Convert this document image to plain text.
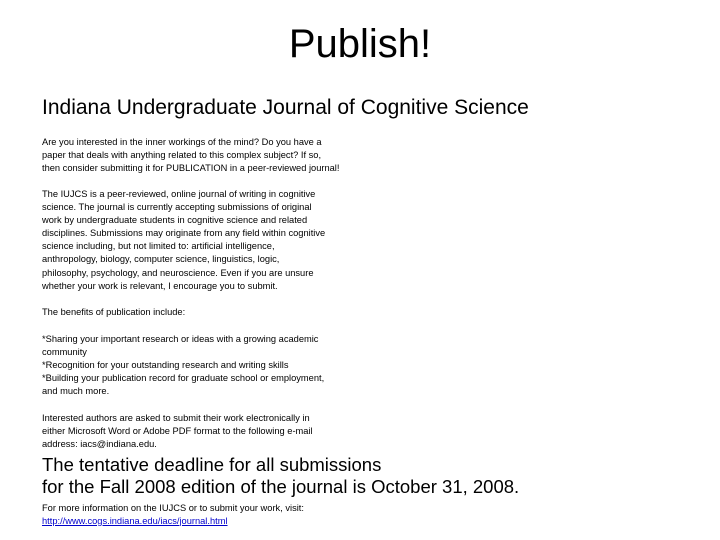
Publish!
Indiana Undergraduate Journal of Cognitive Science

Are you interested in the inner workings of the mind? Do you have a
paper that deals with anything related to this complex subject? If so,
then consider submitting it for PUBLICATION in a peer-reviewed journal!

The IUJCS is a peer-reviewed, online journal of writing in cognitive
science. The journal is currently accepting submissions of original
work by undergraduate students in cognitive science and related
disciplines. Submissions may originate from any field within cognitive
science including, but not limited to: artificial intelligence,
anthropology, biology, computer science, linguistics, logic,
philosophy, psychology, and neuroscience. Even if you are unsure
whether your work is relevant, I encourage you to submit.

The benefits of publication include:

*Sharing your important research or ideas with a growing academic
community
*Recognition for your outstanding research and writing skills
*Building your publication record for graduate school or employment,
and much more.

Interested authors are asked to submit their work electronically in
either Microsoft Word or Adobe PDF format to the following e-mail
address: iacs@indiana.edu.

The tentative deadline for all submissions
for the Fall 2008 edition of the journal is October 31, 2008.

For more information on the IUJCS or to submit your work, visit:
http://www.cogs.indiana.edu/iacs/journal.html
